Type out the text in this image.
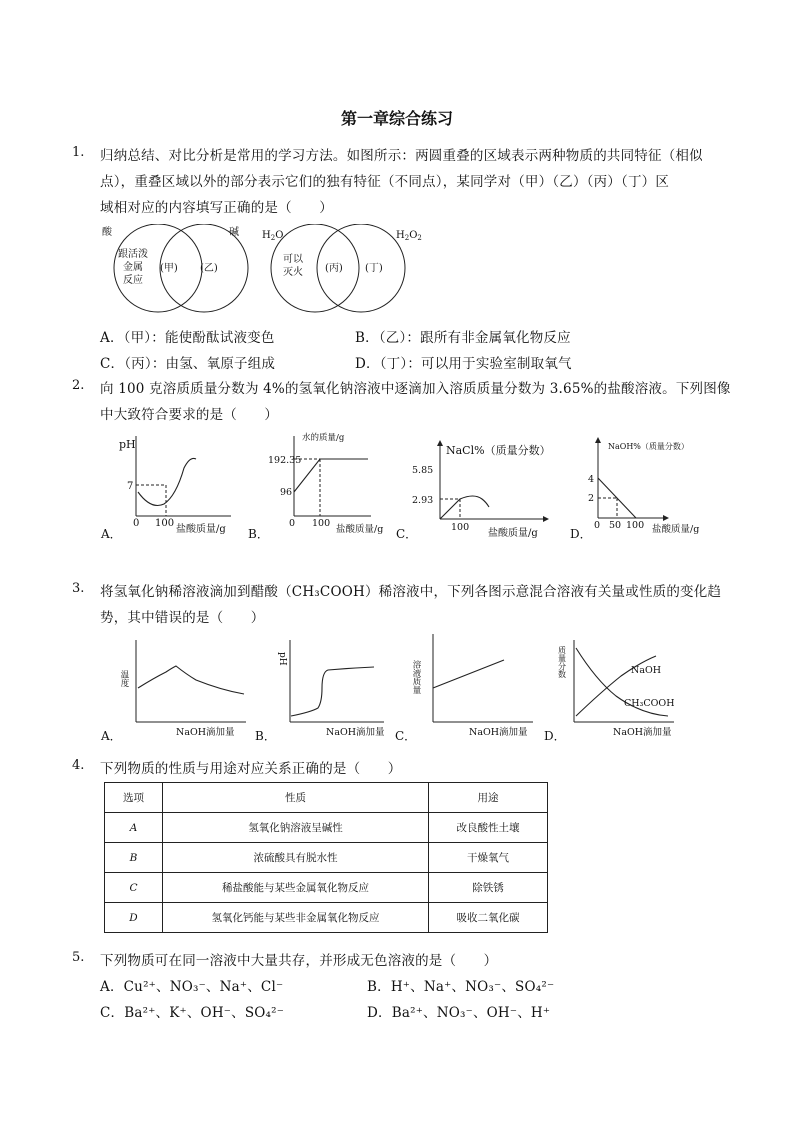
第一章综合练习
1.	归纳总结、对比分析是常用的学习方法。如图所示：两圆重叠的区域表示两种物质的共同特征（相似
点），重叠区域以外的部分表示它们的独有特征（不同点），某同学对（甲）（乙）（丙）（丁）区
域相对应的内容填写正确的是（　　）
酸	碱
跟活泼
金属
反应
(甲) (乙)
$H_2O$	$H_2O_2$
可以
灭火 (丙) (丁)
A．（甲）：能使酚酞试液变色	B．（乙）：跟所有非金属氧化物反应
C．（丙）：由氢、氧原子组成	D．（丁）：可以用于实验室制取氧气
2.	向 100 克溶质质量分数为 4%的氢氧化钠溶液中逐滴加入溶质质量分数为 3.65%的盐酸溶液。下列图像
中大致符合要求的是（　　）
pH
7
0 100
盐酸质量/g
A．
水的质量/g
192.35
96
0 100
盐酸质量/g
B．
NaCl%（质量分数）
5.85
2.93
100
盐酸质量/g
C．
NaOH%（质量分数）
4
2
0 50 100 盐酸质量/g
D．
3.	将氢氧化钠稀溶液滴加到醋酸（CH₃COOH）稀溶液中，下列各图示意混合溶液有关量或性质的变化趋
势，其中错误的是（　　）
温度
NaOH滴加量
A．
pH
NaOH滴加量
B．
溶液质量
NaOH滴加量
C．
质量分数	NaOH
CH₃COOH
NaOH滴加量
D．
4.	下列物质的性质与用途对应关系正确的是（　　）
选项	性质	用途
A	氢氧化钠溶液呈碱性	改良酸性土壤
B	浓硫酸具有脱水性	干燥氧气
C	稀盐酸能与某些金属氧化物反应	除铁锈
D	氢氧化钙能与某些非金属氧化物反应	吸收二氧化碳
5.	下列物质可在同一溶液中大量共存，并形成无色溶液的是（　　）
A．Cu²⁺、NO₃⁻、Na⁺、Cl⁻	B．H⁺、Na⁺、NO₃⁻、SO₄²⁻
C．Ba²⁺、K⁺、OH⁻、SO₄²⁻	D．Ba²⁺、NO₃⁻、OH⁻、H⁺
